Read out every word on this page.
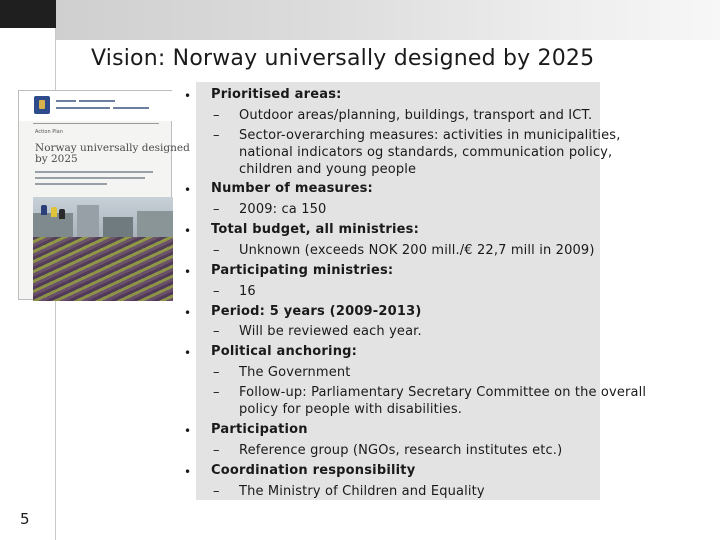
5
Vision: Norway universally designed by 2025
Action Plan
Norway universally designed
by 2025
• Prioritised areas:
– Outdoor areas/planning, buildings, transport and ICT.
– Sector-overarching measures: activities in municipalities,
national indicators og standards, communication policy,
children and young people
• Number of measures:
– 2009: ca 150
• Total budget, all ministries:
– Unknown (exceeds NOK 200 mill./€ 22,7 mill in 2009)
• Participating ministries:
– 16
• Period: 5 years (2009-2013)
– Will be reviewed each year.
• Political anchoring:
– The Government
– Follow-up: Parliamentary Secretary Committee on the overall
policy for people with disabilities.
• Participation
– Reference group (NGOs, research institutes etc.)
• Coordination responsibility
– The Ministry of Children and Equality
